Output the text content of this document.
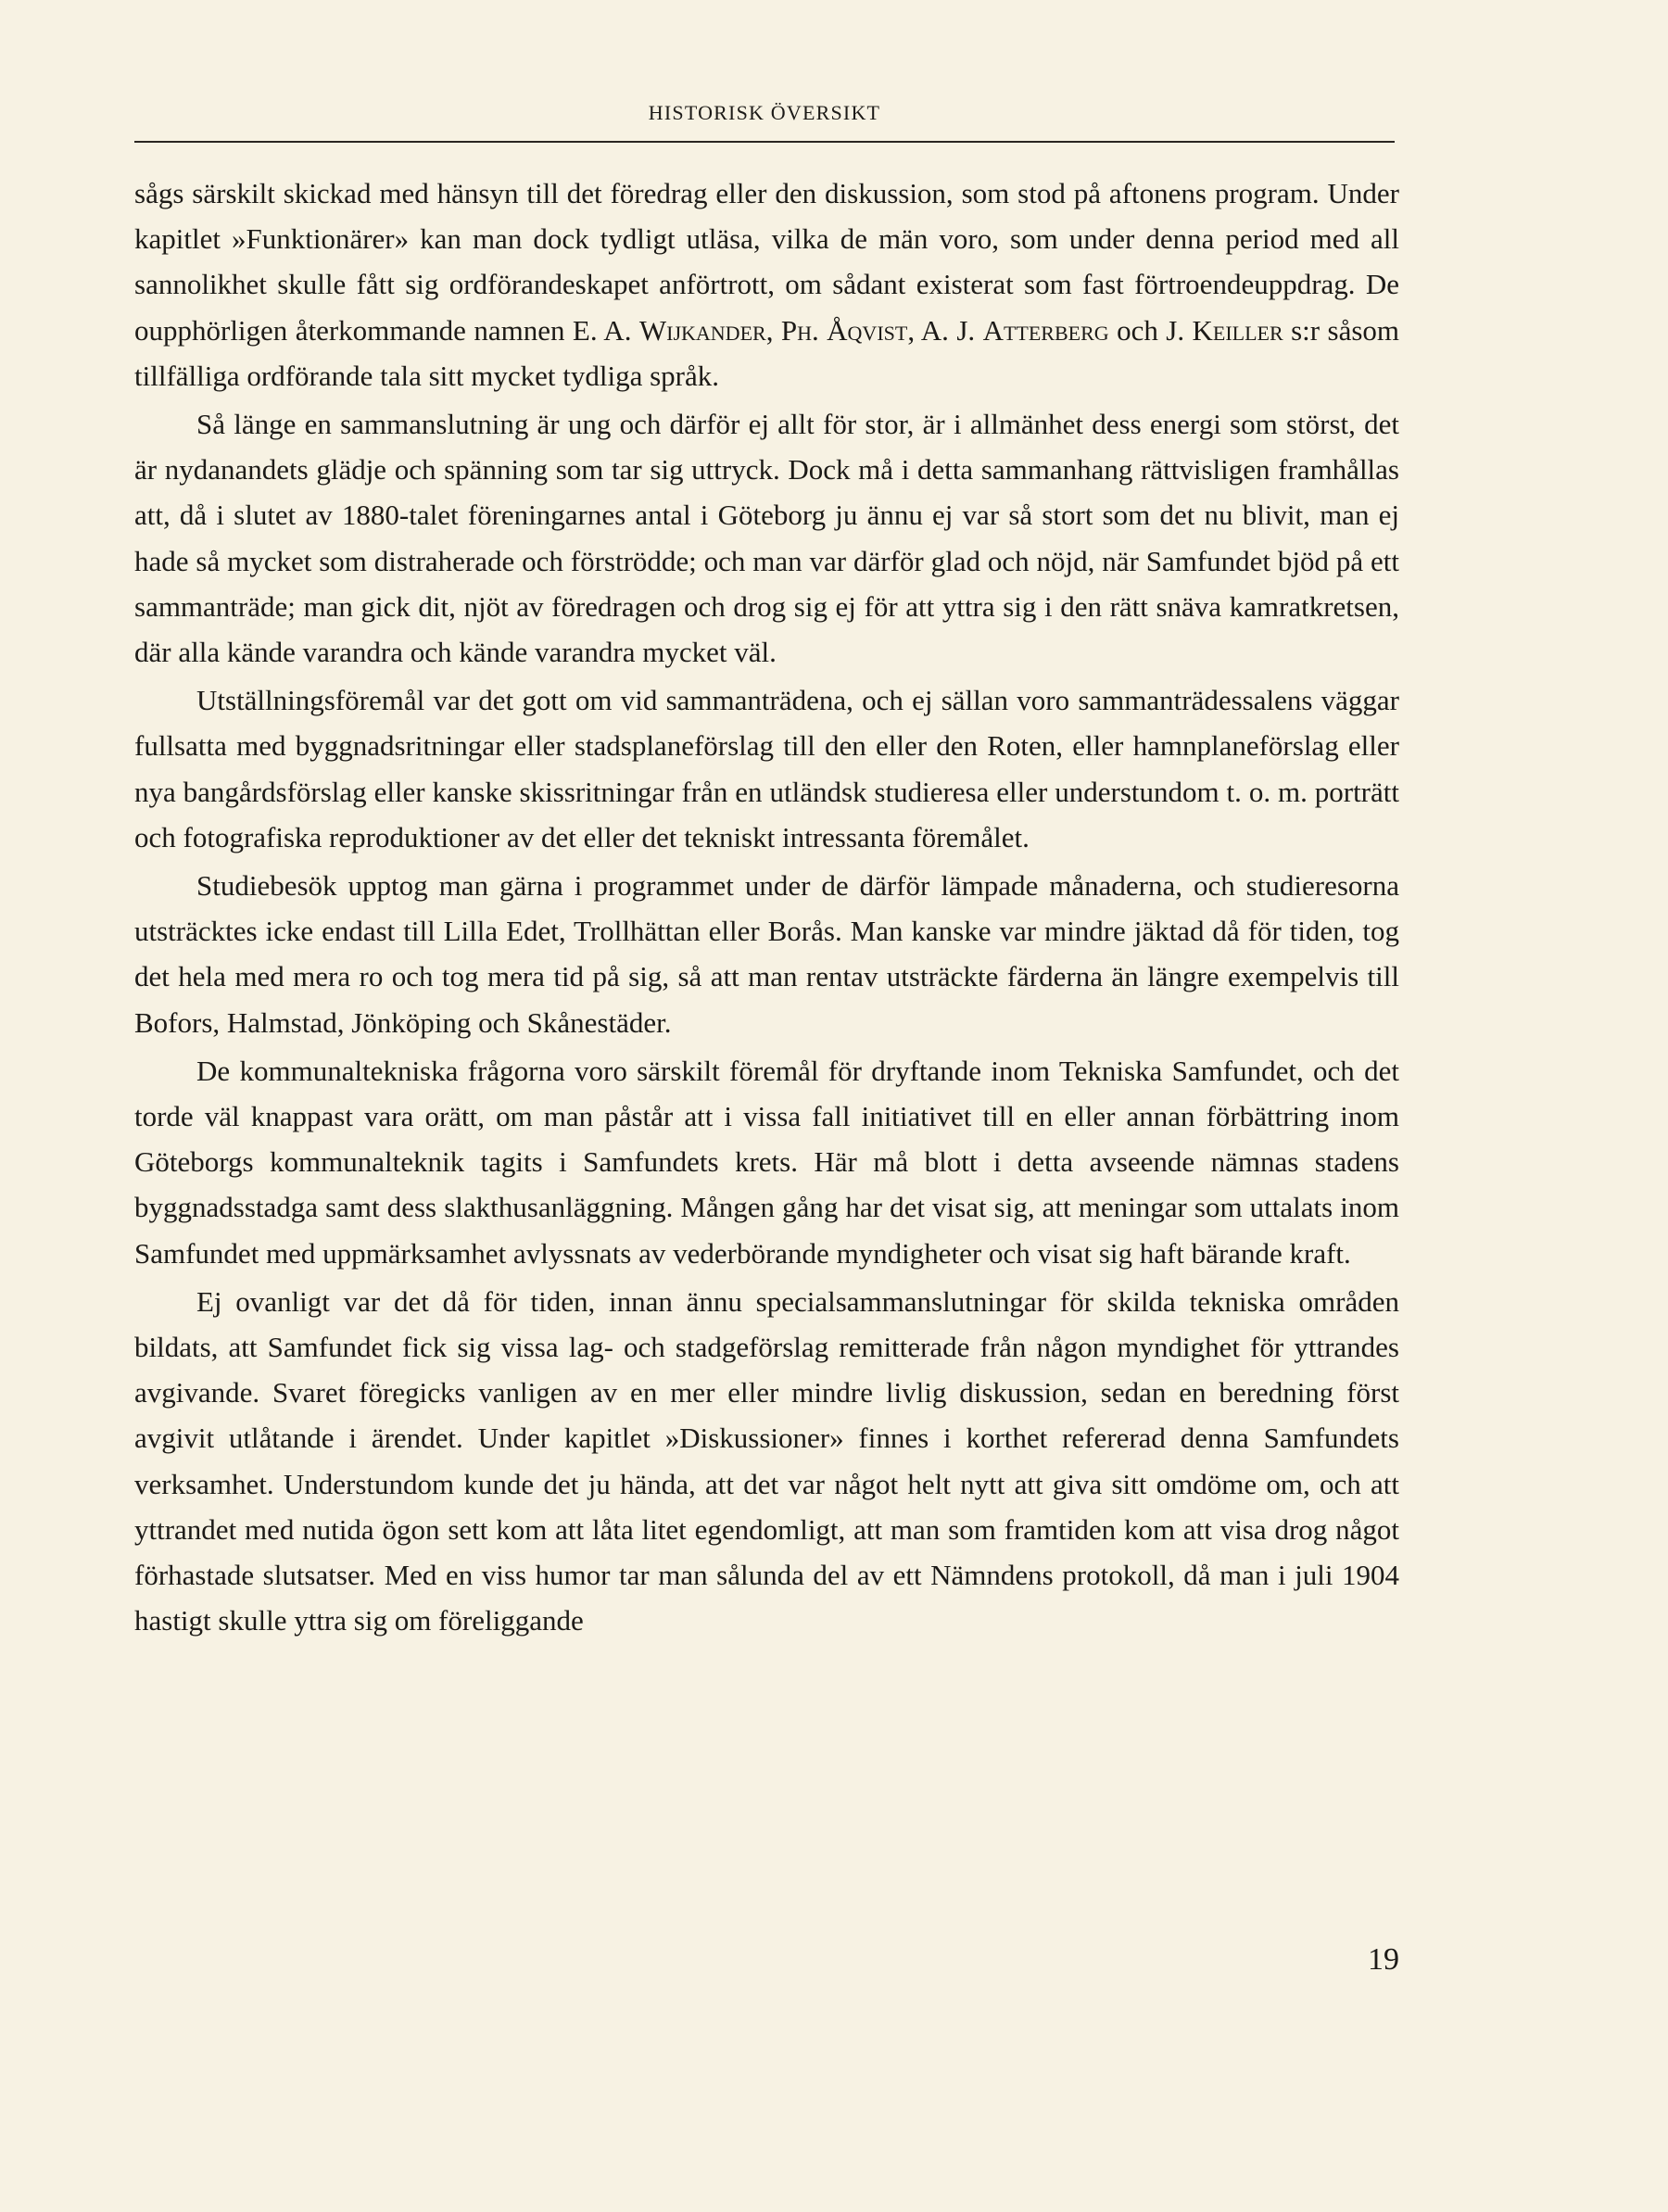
HISTORISK ÖVERSIKT

sågs särskilt skickad med hänsyn till det föredrag eller den diskussion, som stod på aftonens program. Under kapitlet »Funktionärer» kan man dock tydligt utläsa, vilka de män voro, som under denna period med all sannolikhet skulle fått sig ordförandeskapet anförtrott, om sådant existerat som fast förtroendeuppdrag. De oupphörligen återkommande namnen E. A. Wijkander, Ph. Åqvist, A. J. Atterberg och J. Keiller s:r såsom tillfälliga ordförande tala sitt mycket tydliga språk.

Så länge en sammanslutning är ung och därför ej allt för stor, är i allmänhet dess energi som störst, det är nydanandets glädje och spänning som tar sig uttryck. Dock må i detta sammanhang rättvisligen framhållas att, då i slutet av 1880-talet föreningarnes antal i Göteborg ju ännu ej var så stort som det nu blivit, man ej hade så mycket som distraherade och förströdde; och man var därför glad och nöjd, när Samfundet bjöd på ett sammanträde; man gick dit, njöt av föredragen och drog sig ej för att yttra sig i den rätt snäva kamratkretsen, där alla kände varandra och kände varandra mycket väl.

Utställningsföremål var det gott om vid sammanträdena, och ej sällan voro sammanträdessalens väggar fullsatta med byggnadsritningar eller stadsplaneförslag till den eller den Roten, eller hamnplaneförslag eller nya bangårdsförslag eller kanske skissritningar från en utländsk studieresa eller understundom t. o. m. porträtt och fotografiska reproduktioner av det eller det tekniskt intressanta föremålet.

Studiebesök upptog man gärna i programmet under de därför lämpade månaderna, och studieresorna utsträcktes icke endast till Lilla Edet, Trollhättan eller Borås. Man kanske var mindre jäktad då för tiden, tog det hela med mera ro och tog mera tid på sig, så att man rentav utsträckte färderna än längre exempelvis till Bofors, Halmstad, Jönköping och Skånestäder.

De kommunaltekniska frågorna voro särskilt föremål för dryftande inom Tekniska Samfundet, och det torde väl knappast vara orätt, om man påstår att i vissa fall initiativet till en eller annan förbättring inom Göteborgs kommunalteknik tagits i Samfundets krets. Här må blott i detta avseende nämnas stadens byggnadsstadga samt dess slakthusanläggning. Mången gång har det visat sig, att meningar som uttalats inom Samfundet med uppmärksamhet avlyssnats av vederbörande myndigheter och visat sig haft bärande kraft.

Ej ovanligt var det då för tiden, innan ännu specialsammanslutningar för skilda tekniska områden bildats, att Samfundet fick sig vissa lag- och stadgeförslag remitterade från någon myndighet för yttrandes avgivande. Svaret föregicks vanligen av en mer eller mindre livlig diskussion, sedan en beredning först avgivit utlåtande i ärendet. Under kapitlet »Diskussioner» finnes i korthet refererad denna Samfundets verksamhet. Understundom kunde det ju hända, att det var något helt nytt att giva sitt omdöme om, och att yttrandet med nutida ögon sett kom att låta litet egendomligt, att man som framtiden kom att visa drog något förhastade slutsatser. Med en viss humor tar man sålunda del av ett Nämndens protokoll, då man i juli 1904 hastigt skulle yttra sig om föreliggande

19
